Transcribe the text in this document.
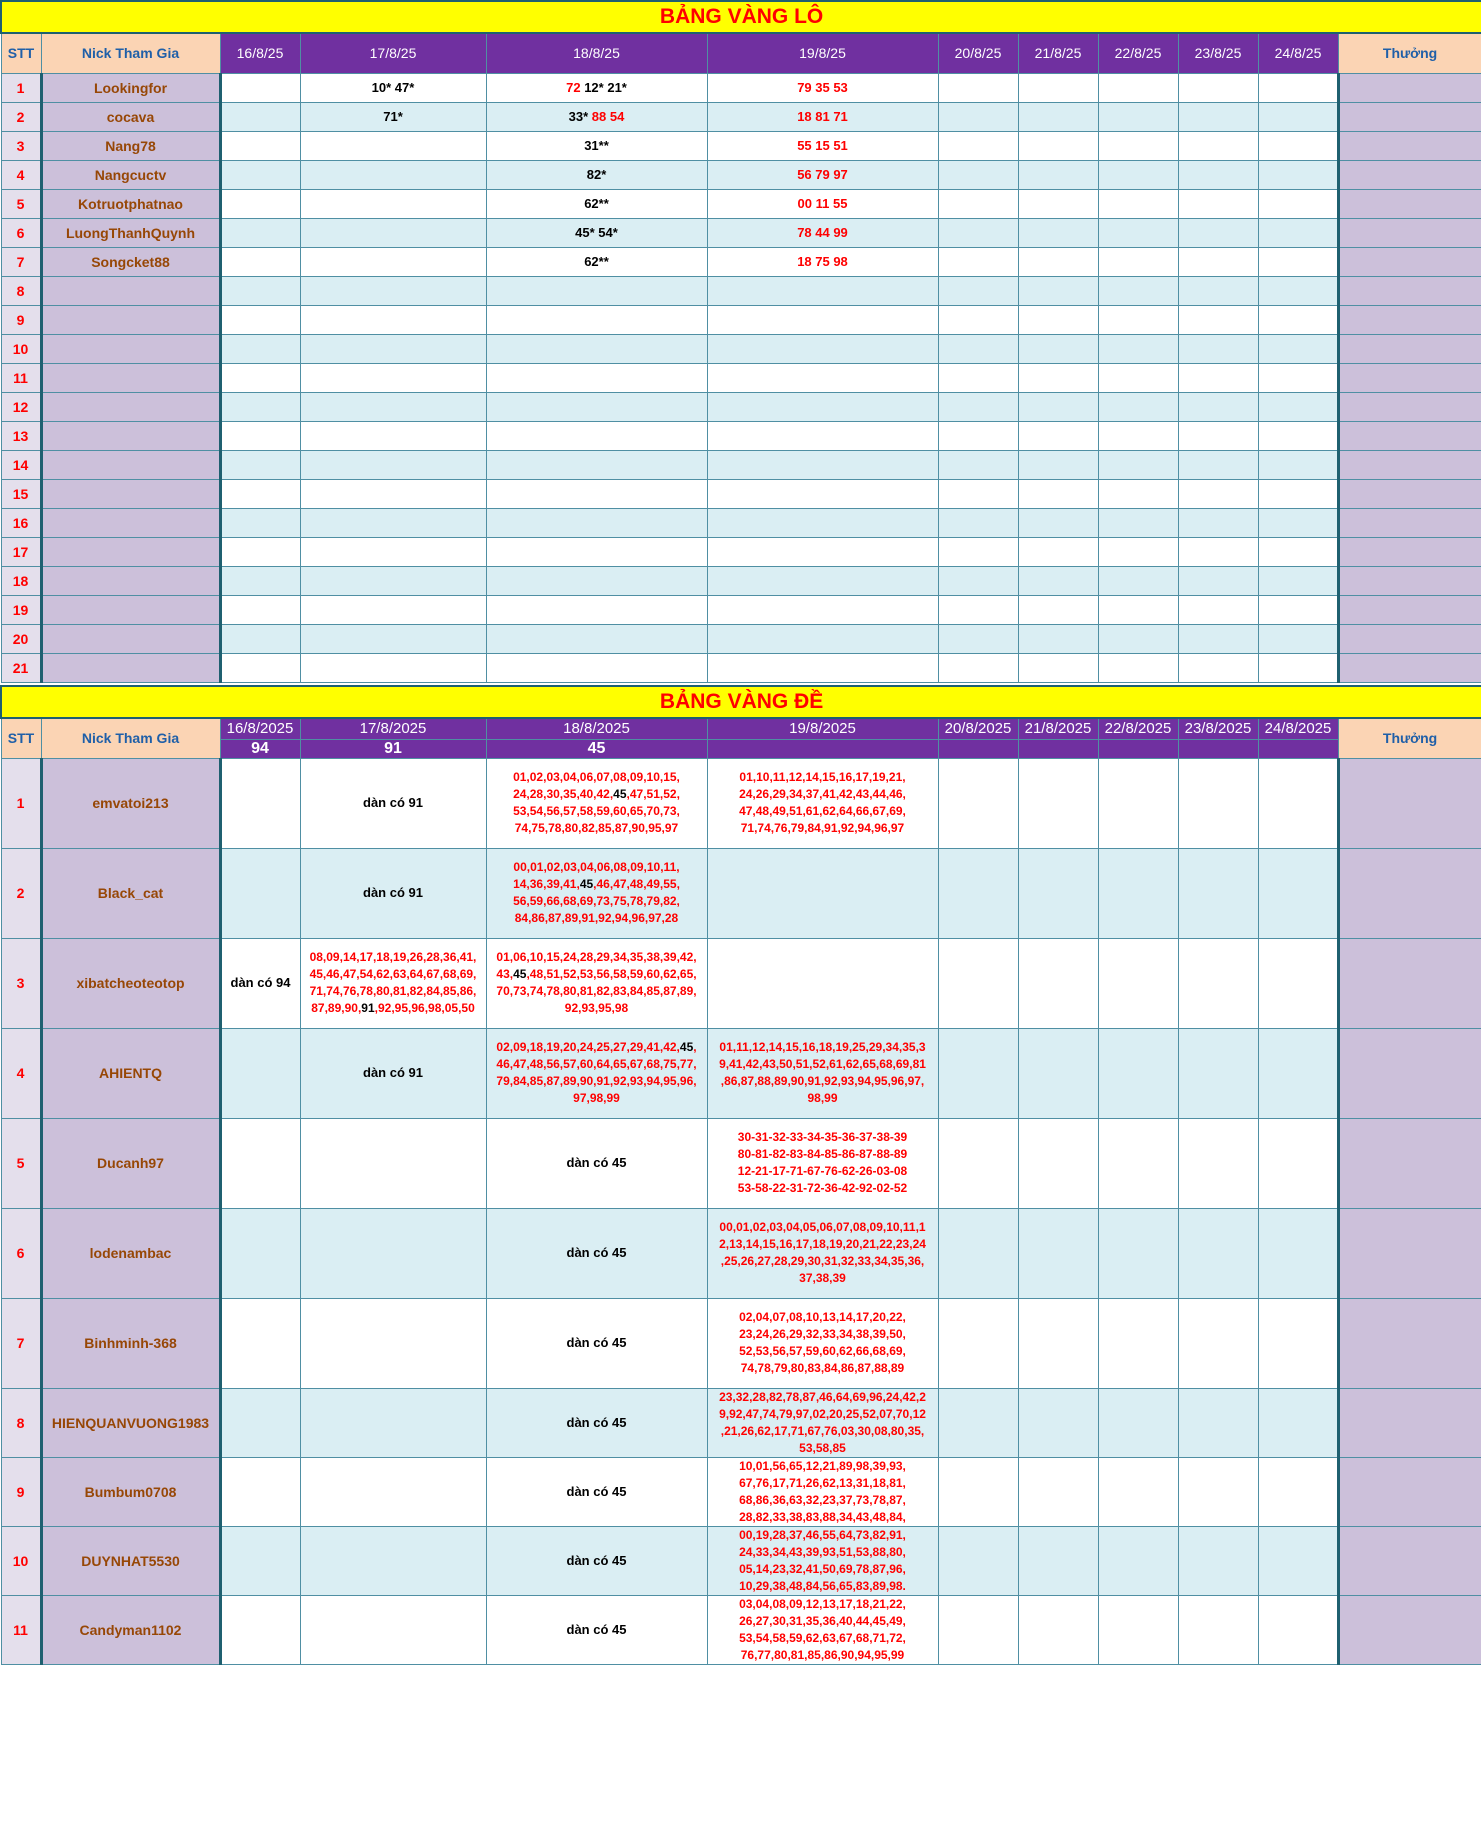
BẢNG VÀNG LÔ											
STT	Nick Tham Gia	16/8/25	17/8/25	18/8/25	19/8/25	20/8/25	21/8/25	22/8/25	23/8/25	24/8/25	Thưởng
1	Lookingfor		10* 47*	72 12* 21*	79 35 53						
2	cocava		71*	33* 88 54	18 81 71						
3	Nang78			31**	55 15 51						
4	Nangcuctv			82*	56 79 97						
5	Kotruotphatnao			62**	00 11 55						
6	LuongThanhQuynh			45* 54*	78 44 99						
7	Songcket88			62**	18 75 98						
8											
9											
10											
11											
12											
13											
14											
15											
16											
17											
18											
19											
20											
21											
BẢNG VÀNG ĐỀ											
STT	Nick Tham Gia	16/8/2025	17/8/2025	18/8/2025	19/8/2025	20/8/2025	21/8/2025	22/8/2025	23/8/2025	24/8/2025	Thưởng
		94	91	45							
1	emvatoi213		dàn có 91	01,02,03,04,06,07,08,09,10,15,
24,28,30,35,40,42,45,47,51,52,
53,54,56,57,58,59,60,65,70,73,
74,75,78,80,82,85,87,90,95,97	01,10,11,12,14,15,16,17,19,21,
24,26,29,34,37,41,42,43,44,46,
47,48,49,51,61,62,64,66,67,69,
71,74,76,79,84,91,92,94,96,97						
2	Black_cat		dàn có 91	00,01,02,03,04,06,08,09,10,11,
14,36,39,41,45,46,47,48,49,55,
56,59,66,68,69,73,75,78,79,82,
84,86,87,89,91,92,94,96,97,28							
3	xibatcheoteotop	dàn có 94	08,09,14,17,18,19,26,28,36,41,
45,46,47,54,62,63,64,67,68,69,
71,74,76,78,80,81,82,84,85,86,
87,89,90,91,92,95,96,98,05,50	01,06,10,15,24,28,29,34,35,38,39,42,
43,45,48,51,52,53,56,58,59,60,62,65,
70,73,74,78,80,81,82,83,84,85,87,89,
92,93,95,98							
4	AHIENTQ		dàn có 91	02,09,18,19,20,24,25,27,29,41,42,45,
46,47,48,56,57,60,64,65,67,68,75,77,
79,84,85,87,89,90,91,92,93,94,95,96,
97,98,99	01,11,12,14,15,16,18,19,25,29,34,35,3
9,41,42,43,50,51,52,61,62,65,68,69,81
,86,87,88,89,90,91,92,93,94,95,96,97,
98,99						
5	Ducanh97			dàn có 45	30-31-32-33-34-35-36-37-38-39
80-81-82-83-84-85-86-87-88-89
12-21-17-71-67-76-62-26-03-08
53-58-22-31-72-36-42-92-02-52						
6	lodenambac			dàn có 45	00,01,02,03,04,05,06,07,08,09,10,11,1
2,13,14,15,16,17,18,19,20,21,22,23,24
,25,26,27,28,29,30,31,32,33,34,35,36,
37,38,39						
7	Binhminh-368			dàn có 45	02,04,07,08,10,13,14,17,20,22,
23,24,26,29,32,33,34,38,39,50,
52,53,56,57,59,60,62,66,68,69,
74,78,79,80,83,84,86,87,88,89						
8	HIENQUANVUONG1983			dàn có 45	23,32,28,82,78,87,46,64,69,96,24,42,2
9,92,47,74,79,97,02,20,25,52,07,70,12
,21,26,62,17,71,67,76,03,30,08,80,35,
53,58,85						
9	Bumbum0708			dàn có 45	10,01,56,65,12,21,89,98,39,93,
67,76,17,71,26,62,13,31,18,81,
68,86,36,63,32,23,37,73,78,87,
28,82,33,38,83,88,34,43,48,84,						
10	DUYNHAT5530			dàn có 45	00,19,28,37,46,55,64,73,82,91,
24,33,34,43,39,93,51,53,88,80,
05,14,23,32,41,50,69,78,87,96,
10,29,38,48,84,56,65,83,89,98.						
11	Candyman1102			dàn có 45	03,04,08,09,12,13,17,18,21,22,
26,27,30,31,35,36,40,44,45,49,
53,54,58,59,62,63,67,68,71,72,
76,77,80,81,85,86,90,94,95,99						
